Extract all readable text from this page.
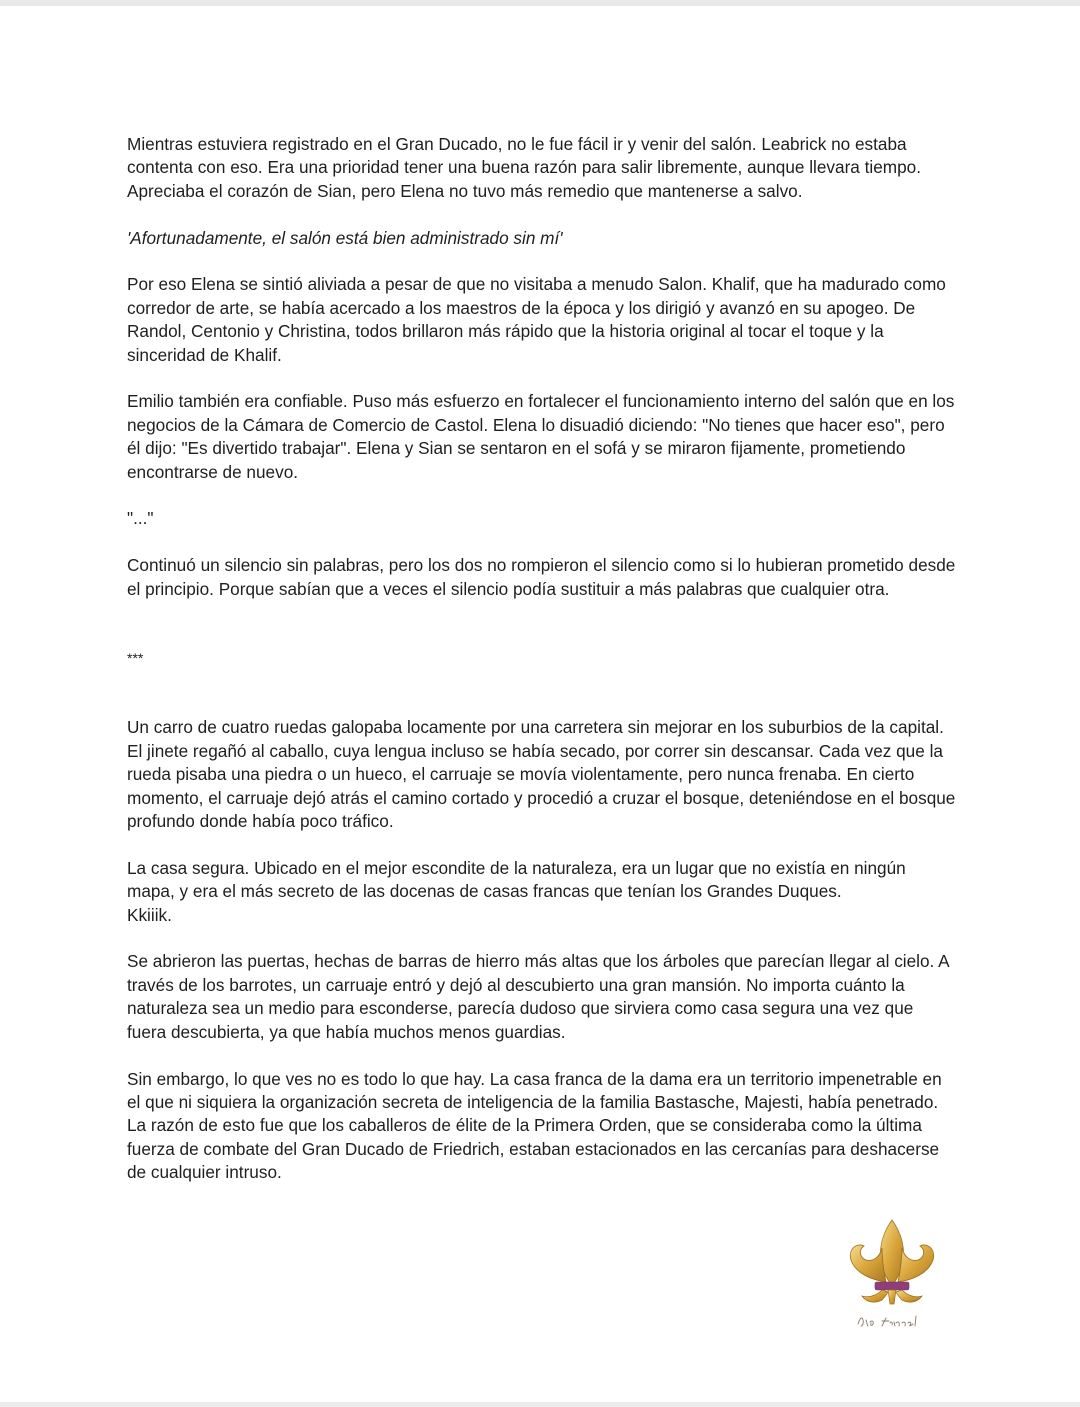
Mientras estuviera registrado en el Gran Ducado, no le fue fácil ir y venir del salón. Leabrick no estaba contenta con eso. Era una prioridad tener una buena razón para salir libremente, aunque llevara tiempo. Apreciaba el corazón de Sian, pero Elena no tuvo más remedio que mantenerse a salvo.

'Afortunadamente, el salón está bien administrado sin mí'

Por eso Elena se sintió aliviada a pesar de que no visitaba a menudo Salon. Khalif, que ha madurado como corredor de arte, se había acercado a los maestros de la época y los dirigió y avanzó en su apogeo. De Randol, Centonio y Christina, todos brillaron más rápido que la historia original al tocar el toque y la sinceridad de Khalif.

Emilio también era confiable. Puso más esfuerzo en fortalecer el funcionamiento interno del salón que en los negocios de la Cámara de Comercio de Castol. Elena lo disuadió diciendo: "No tienes que hacer eso", pero él dijo: "Es divertido trabajar". Elena y Sian se sentaron en el sofá y se miraron fijamente, prometiendo encontrarse de nuevo.

"..."

Continuó un silencio sin palabras, pero los dos no rompieron el silencio como si lo hubieran prometido desde el principio. Porque sabían que a veces el silencio podía sustituir a más palabras que cualquier otra.

***

Un carro de cuatro ruedas galopaba locamente por una carretera sin mejorar en los suburbios de la capital. El jinete regañó al caballo, cuya lengua incluso se había secado, por correr sin descansar. Cada vez que la rueda pisaba una piedra o un hueco, el carruaje se movía violentamente, pero nunca frenaba. En cierto momento, el carruaje dejó atrás el camino cortado y procedió a cruzar el bosque, deteniéndose en el bosque profundo donde había poco tráfico.

La casa segura. Ubicado en el mejor escondite de la naturaleza, era un lugar que no existía en ningún mapa, y era el más secreto de las docenas de casas francas que tenían los Grandes Duques.

Kkiiik.

Se abrieron las puertas, hechas de barras de hierro más altas que los árboles que parecían llegar al cielo. A través de los barrotes, un carruaje entró y dejó al descubierto una gran mansión. No importa cuánto la naturaleza sea un medio para esconderse, parecía dudoso que sirviera como casa segura una vez que fuera descubierta, ya que había muchos menos guardias.

Sin embargo, lo que ves no es todo lo que hay. La casa franca de la dama era un territorio impenetrable en el que ni siquiera la organización secreta de inteligencia de la familia Bastasche, Majesti, había penetrado. La razón de esto fue que los caballeros de élite de la Primera Orden, que se consideraba como la última fuerza de combate del Gran Ducado de Friedrich, estaban estacionados en las cercanías para deshacerse de cualquier intruso.
